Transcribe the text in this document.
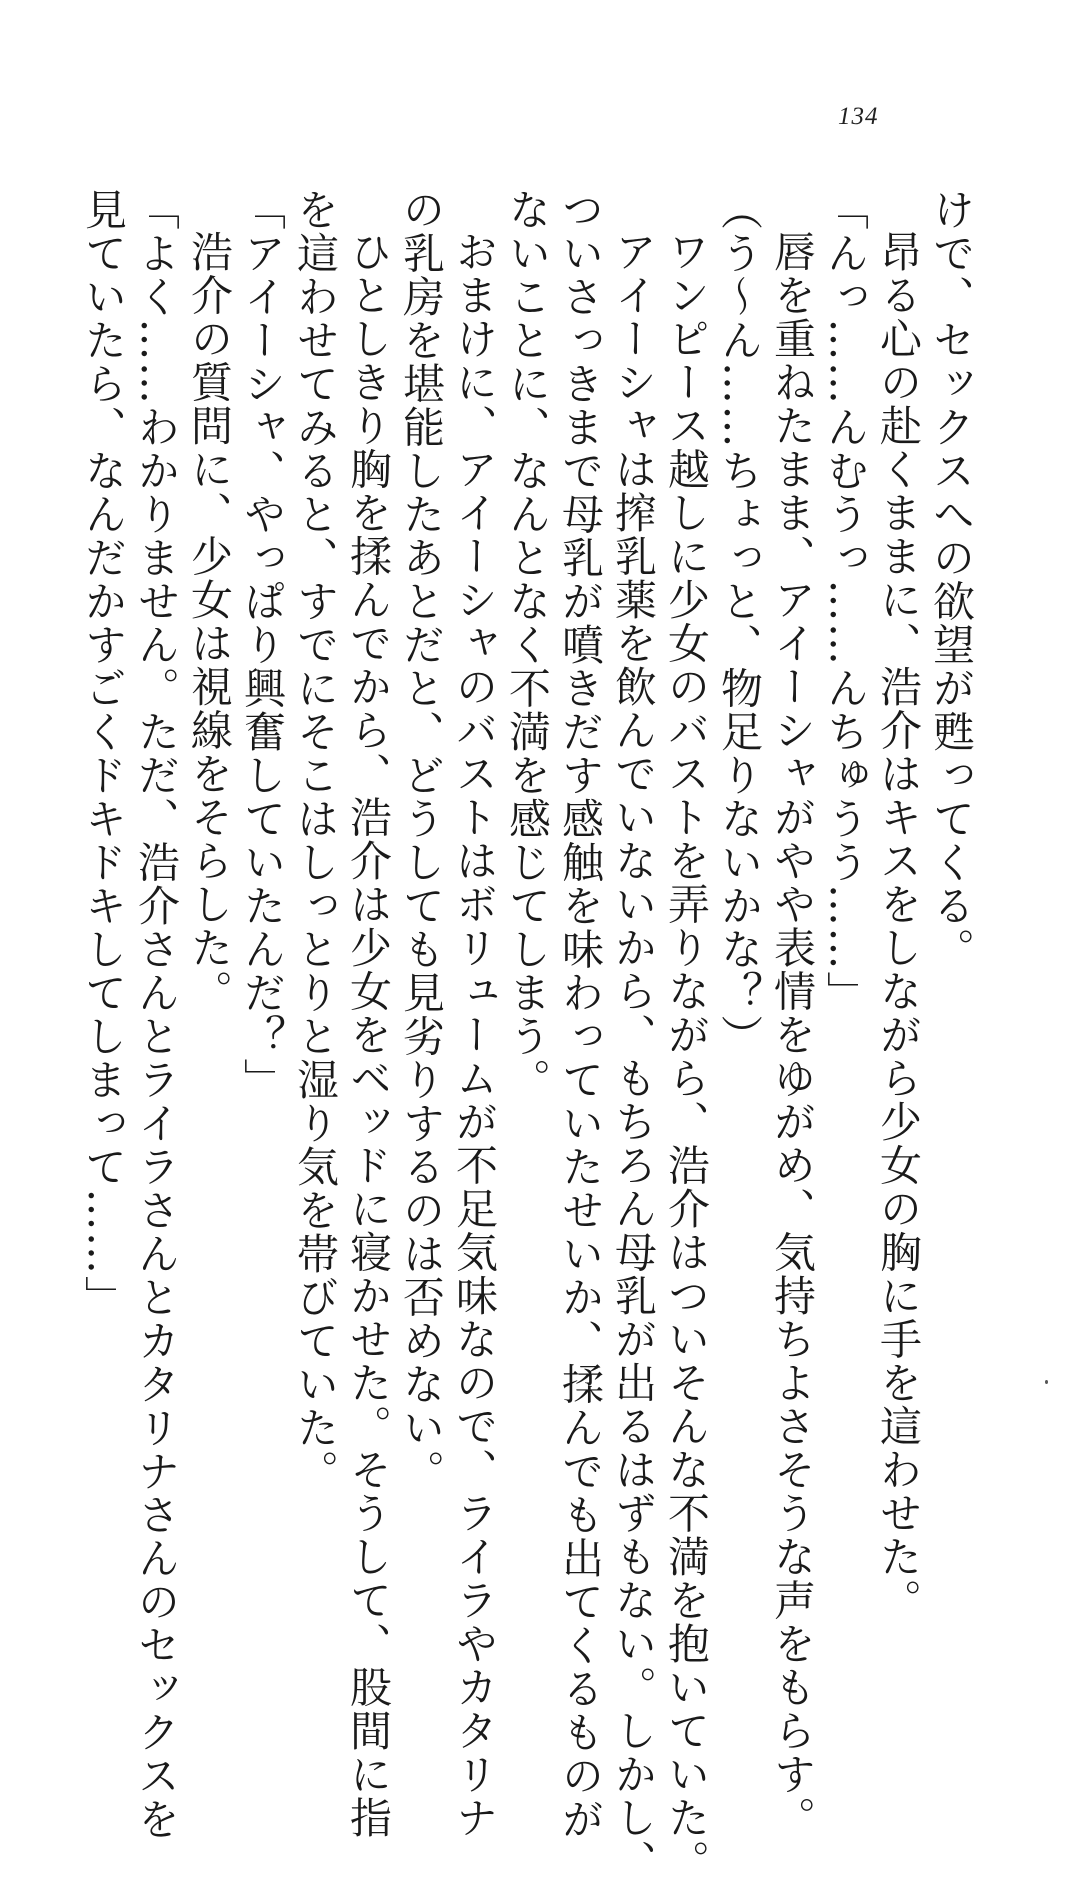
134
けで、セックスへの欲望が甦ってくる。
昂る心の赴くままに、浩介はキスをしながら少女の胸に手を這わせた。
「んっ……んむうっ……んちゅうう……」
唇を重ねたまま、アイーシャがやや表情をゆがめ、気持ちよさそうな声をもらす。
（う～ん……ちょっと、物足りないかな？）
ワンピース越しに少女のバストを弄りながら、浩介はついそんな不満を抱いていた。
アイーシャは搾乳薬を飲んでいないから、もちろん母乳が出るはずもない。しかし、
ついさっきまで母乳が噴きだす感触を味わっていたせいか、揉んでも出てくるものが
ないことに、なんとなく不満を感じてしまう。
おまけに、アイーシャのバストはボリュームが不足気味なので、ライラやカタリナ
の乳房を堪能したあとだと、どうしても見劣りするのは否めない。
ひとしきり胸を揉んでから、浩介は少女をベッドに寝かせた。そうして、股間に指
を這わせてみると、すでにそこはしっとりと湿り気を帯びていた。
「アイーシャ、やっぱり興奮していたんだ？」
浩介の質問に、少女は視線をそらした。
「よく……わかりません。ただ、浩介さんとライラさんとカタリナさんのセックスを
見ていたら、なんだかすごくドキドキしてしまって……」
